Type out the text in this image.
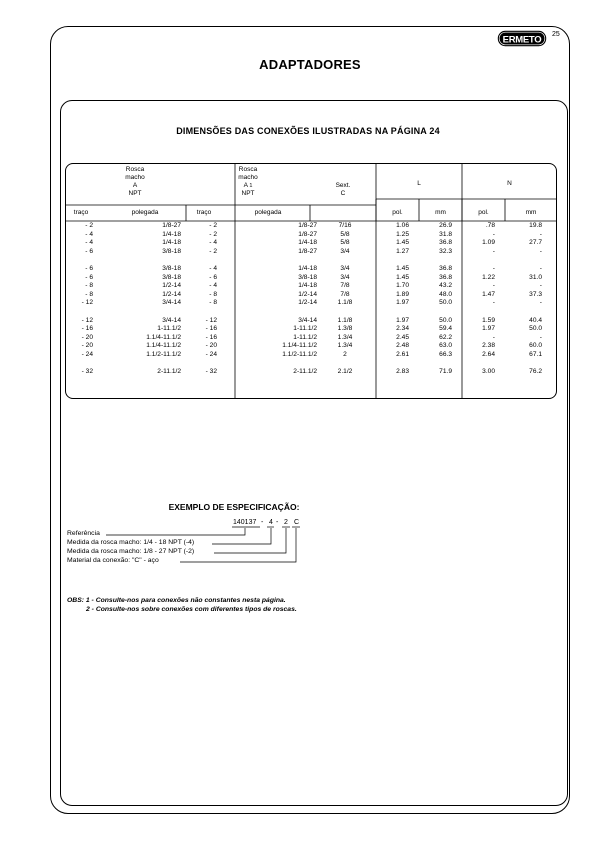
ERMETO 25
ADAPTADORES
DIMENSÕES DAS CONEXÕES ILUSTRADAS NA PÁGINA 24
Rosca
macho
A
NPT
Rosca
macho
A 1
NPT
Sext.
C
L	N
traço	polegada	traço	polegada	pol.	mm	pol.	mm
- 2	1/8-27	- 2	1/8-27	7/16	1.06	26.9	.78	19.8
- 4	1/4-18	- 2	1/8-27	5/8	1.25	31.8	-	-
- 4	1/4-18	- 4	1/4-18	5/8	1.45	36.8	1.09	27.7
- 6	3/8-18	- 2	1/8-27	3/4	1.27	32.3	-	-
- 6	3/8-18	- 4	1/4-18	3/4	1.45	36.8	-	-
- 6	3/8-18	- 6	3/8-18	3/4	1.45	36.8	1.22	31.0
- 8	1/2-14	- 4	1/4-18	7/8	1.70	43.2	-	-
- 8	1/2-14	- 8	1/2-14	7/8	1.89	48.0	1.47	37.3
- 12	3/4-14	- 8	1/2-14	1.1/8	1.97	50.0	-	-
- 12	3/4-14	- 12	3/4-14	1.1/8	1.97	50.0	1.59	40.4
- 16	1-11.1/2	- 16	1-11.1/2	1.3/8	2.34	59.4	1.97	50.0
- 20	1.1/4-11.1/2	- 16	1-11.1/2	1.3/4	2.45	62.2	-	-
- 20	1.1/4-11.1/2	- 20	1.1/4-11.1/2	1.3/4	2.48	63.0	2.38	60.0
- 24	1.1/2-11.1/2	- 24	1.1/2-11.1/2	2	2.61	66.3	2.64	67.1
- 32	2-11.1/2	- 32	2-11.1/2	2.1/2	2.83	71.9	3.00	76.2
EXEMPLO DE ESPECIFICAÇÃO:
140137 - 4 - 2 C
Referência
Medida da rosca macho: 1/4 - 18 NPT (-4)
Medida da rosca macho: 1/8 - 27 NPT (-2)
Material da conexão: "C" - aço
OBS: 1 - Consulte-nos para conexões não constantes nesta página.
2 - Consulte-nos sobre conexões com diferentes tipos de roscas.
